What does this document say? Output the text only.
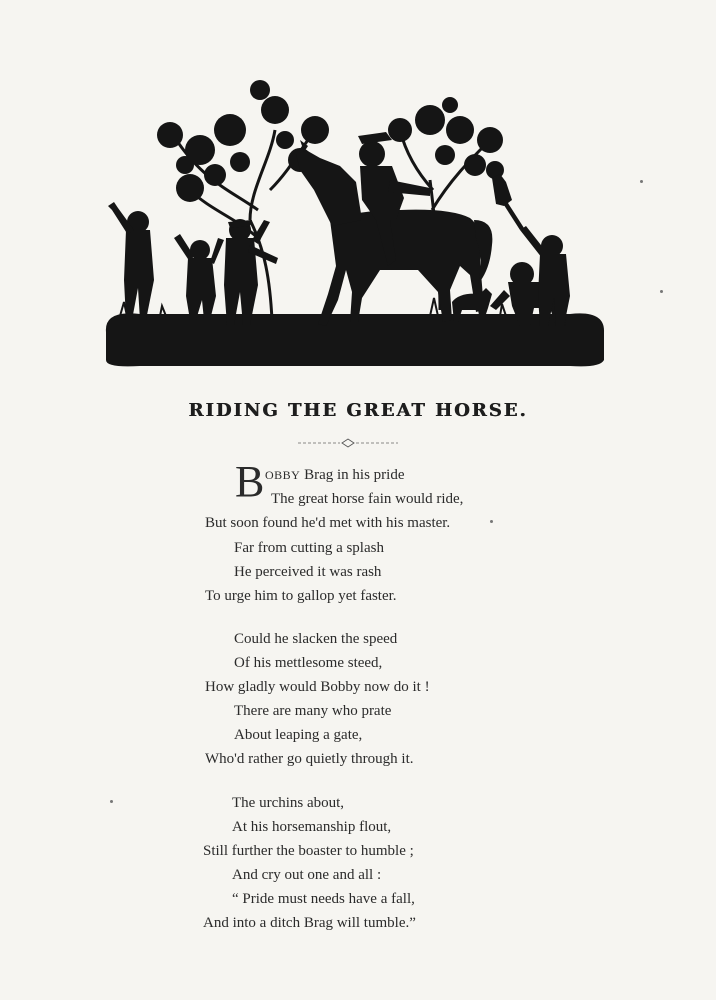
RIDING THE GREAT HORSE.
B OBBY Brag in his pride
The great horse fain would ride,
But soon found he'd met with his master.
Far from cutting a splash
He perceived it was rash
To urge him to gallop yet faster.
Could he slacken the speed
Of his mettlesome steed,
How gladly would Bobby now do it !
There are many who prate
About leaping a gate,
Who'd rather go quietly through it.
The urchins about,
At his horsemanship flout,
Still further the boaster to humble ;
And cry out one and all :
“ Pride must needs have a fall,
And into a ditch Brag will tumble.”
